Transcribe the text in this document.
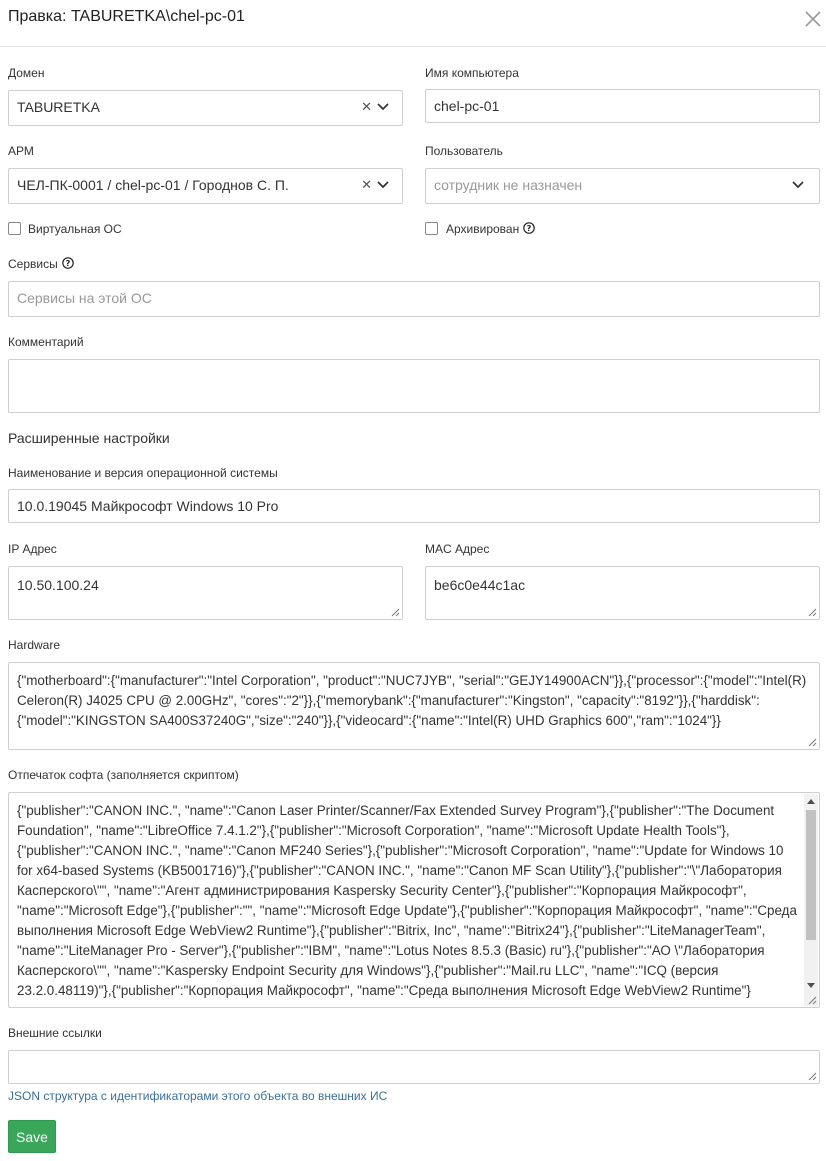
Правка: TABURETKA\chel-pc-01
Домен
TABURETKA	✕
Имя компьютера
chel-pc-01
АРМ
ЧЕЛ-ПК-0001 / chel-pc-01 / Городнов С. П.	✕
Пользователь
сотрудник не назначен
Виртуальная ОС	Архивирован ?
Сервисы ?
Сервисы на этой ОС
Комментарий
Расширенные настройки
Наименование и версия операционной системы
10.0.19045 Майкрософт Windows 10 Pro
IP Адрес
10.50.100.24
MAC Адрес
be6c0e44c1ac
Hardware
{"motherboard":{"manufacturer":"Intel Corporation", "product":"NUC7JYB", "serial":"GEJY14900ACN"}},{"processor":{"model":"Intel(R) Celeron(R) J4025 CPU @ 2.00GHz", "cores":"2"}},{"memorybank":{"manufacturer":"Kingston", "capacity":"8192"}},{"harddisk":{"model":"KINGSTON SA400S37240G","size":"240"}},{"videocard":{"name":"Intel(R) UHD Graphics 600","ram":"1024"}}
Отпечаток софта (заполняется скриптом)
{"publisher":"CANON INC.", "name":"Canon Laser Printer/Scanner/Fax Extended Survey Program"},{"publisher":"The Document Foundation", "name":"LibreOffice 7.4.1.2"},{"publisher":"Microsoft Corporation", "name":"Microsoft Update Health Tools"},{"publisher":"CANON INC.", "name":"Canon MF240 Series"},{"publisher":"Microsoft Corporation", "name":"Update for Windows 10 for x64-based Systems (KB5001716)"},{"publisher":"CANON INC.", "name":"Canon MF Scan Utility"},{"publisher":"\"Лаборатория Касперского\"", "name":"Агент администрирования Kaspersky Security Center"},{"publisher":"Корпорация Майкрософт", "name":"Microsoft Edge"},{"publisher":"", "name":"Microsoft Edge Update"},{"publisher":"Корпорация Майкрософт", "name":"Среда выполнения Microsoft Edge WebView2 Runtime"},{"publisher":"Bitrix, Inc", "name":"Bitrix24"},{"publisher":"LiteManagerTeam", "name":"LiteManager Pro - Server"},{"publisher":"IBM", "name":"Lotus Notes 8.5.3 (Basic) ru"},{"publisher":"АО \"Лаборатория Касперского\"", "name":"Kaspersky Endpoint Security для Windows"},{"publisher":"Mail.ru LLC", "name":"ICQ (версия 23.2.0.48119)"},{"publisher":"Корпорация Майкрософт", "name":"Среда выполнения Microsoft Edge WebView2 Runtime"}
Внешние ссылки
JSON структура с идентификаторами этого объекта во внешних ИС
Save
